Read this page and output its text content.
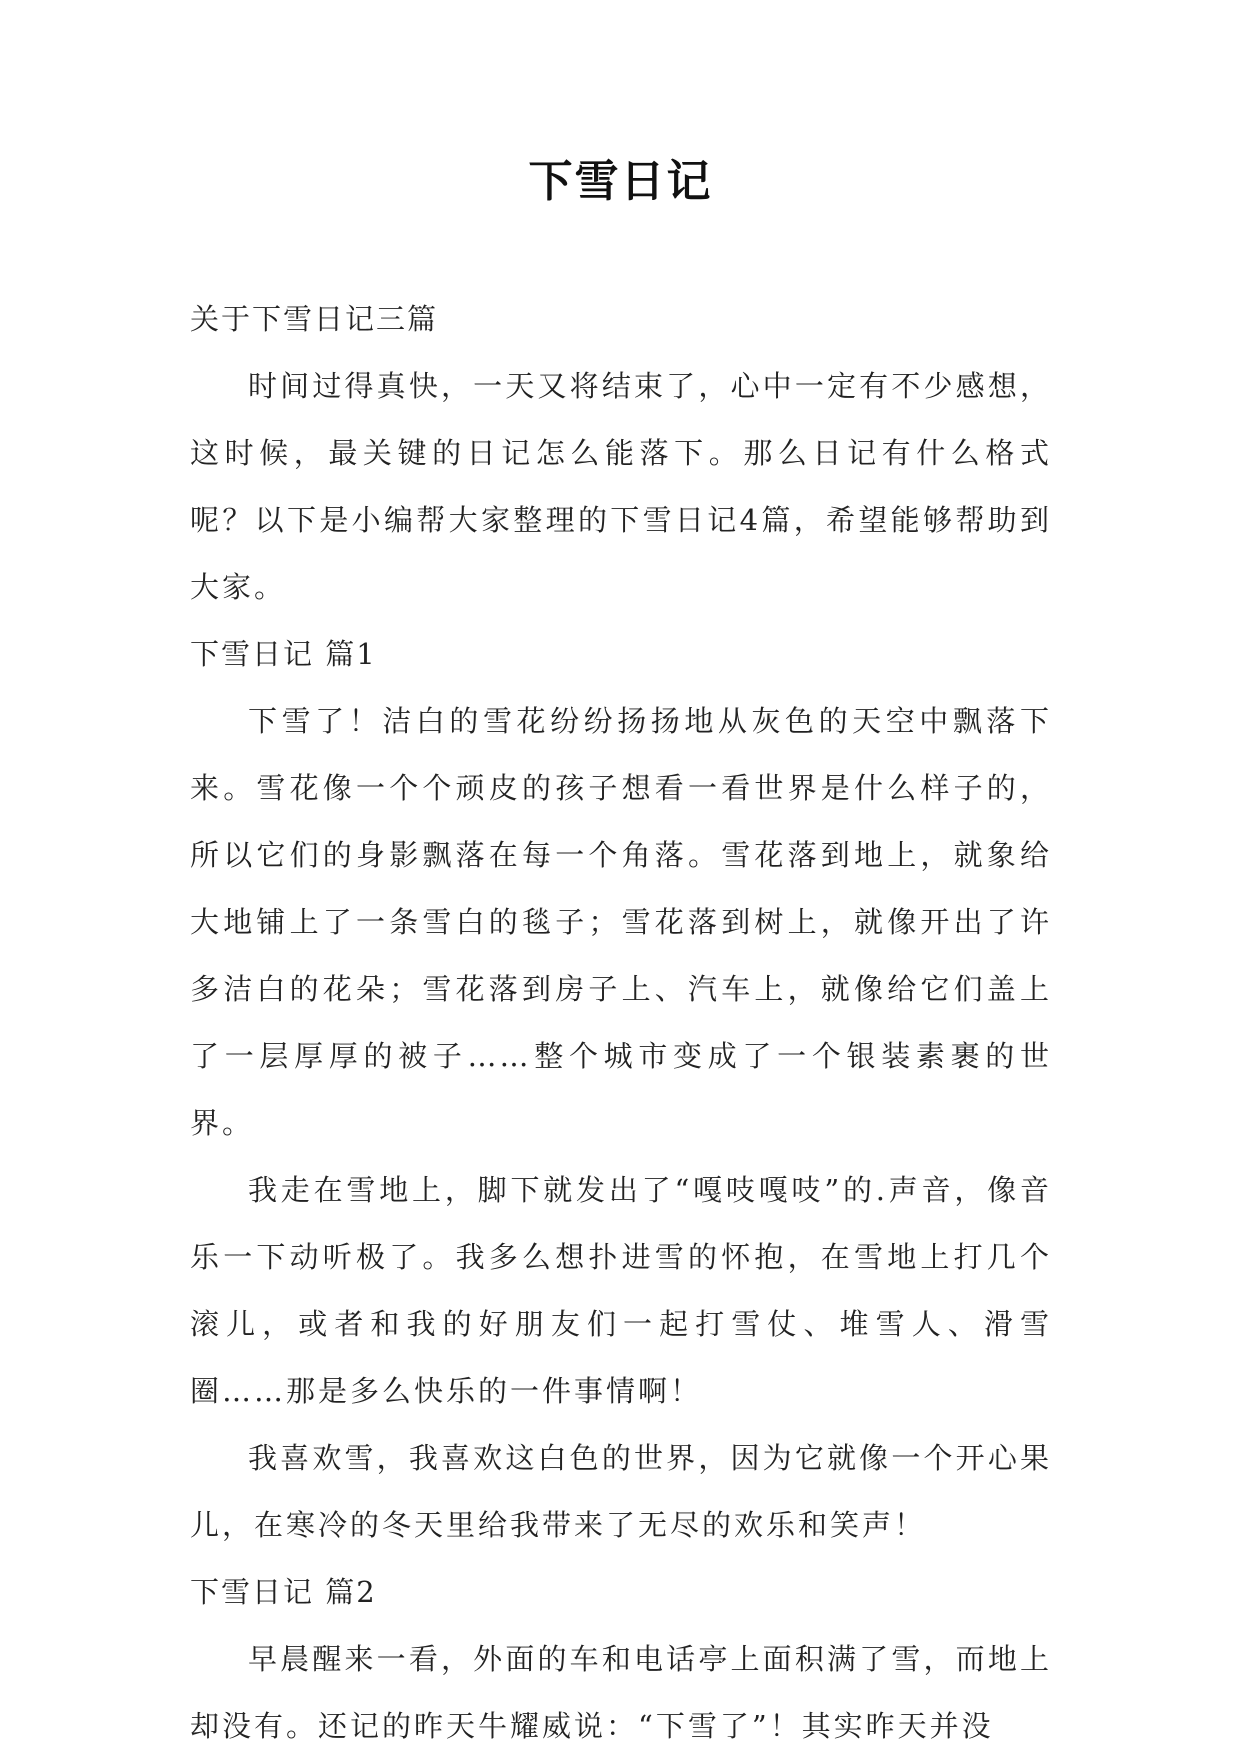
下雪日记

关于下雪日记三篇

时间过得真快，一天又将结束了，心中一定有不少感想，这时候，最关键的日记怎么能落下。那么日记有什么格式呢？以下是小编帮大家整理的下雪日记4篇，希望能够帮助到大家。

下雪日记 篇1

下雪了！洁白的雪花纷纷扬扬地从灰色的天空中飘落下来。雪花像一个个顽皮的孩子想看一看世界是什么样子的，所以它们的身影飘落在每一个角落。雪花落到地上，就象给大地铺上了一条雪白的毯子；雪花落到树上，就像开出了许多洁白的花朵；雪花落到房子上、汽车上，就像给它们盖上了一层厚厚的被子……整个城市变成了一个银装素裹的世界。

我走在雪地上，脚下就发出了“嘎吱嘎吱”的.声音，像音乐一下动听极了。我多么想扑进雪的怀抱，在雪地上打几个滚儿，或者和我的好朋友们一起打雪仗、堆雪人、滑雪圈……那是多么快乐的一件事情啊！

我喜欢雪，我喜欢这白色的世界，因为它就像一个开心果儿，在寒冷的冬天里给我带来了无尽的欢乐和笑声！

下雪日记 篇2

早晨醒来一看，外面的车和电话亭上面积满了雪，而地上却没有。还记的昨天牛耀威说：“下雪了”！其实昨天并没
